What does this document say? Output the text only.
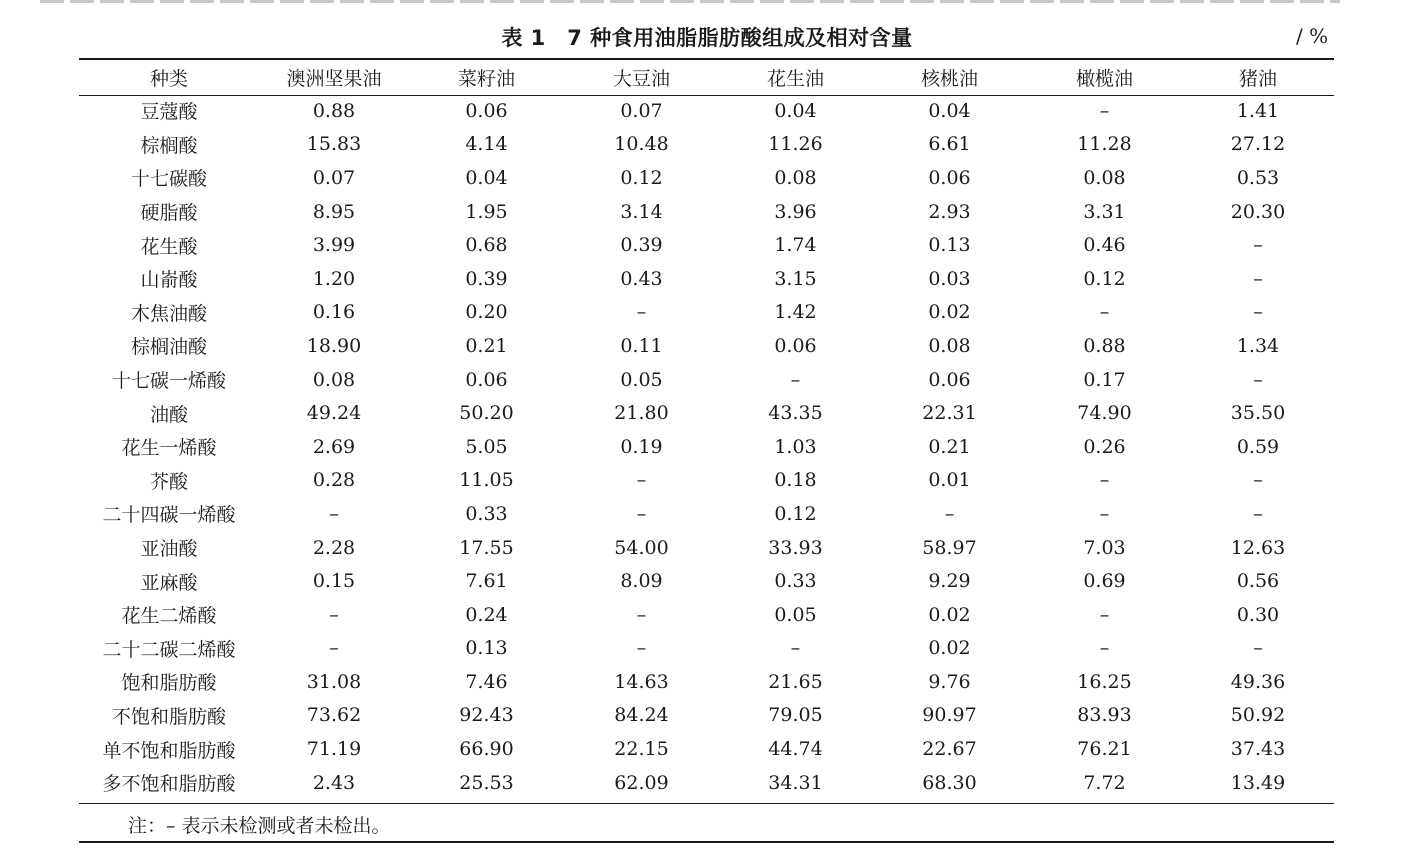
表 1　7 种食用油脂脂肪酸组成及相对含量	/ %
种类	澳洲坚果油	菜籽油	大豆油	花生油	核桃油	橄榄油	猪油
豆蔻酸	0.88	0.06	0.07	0.04	0.04	–	1.41
棕榈酸	15.83	4.14	10.48	11.26	6.61	11.28	27.12
十七碳酸	0.07	0.04	0.12	0.08	0.06	0.08	0.53
硬脂酸	8.95	1.95	3.14	3.96	2.93	3.31	20.30
花生酸	3.99	0.68	0.39	1.74	0.13	0.46	–
山嵛酸	1.20	0.39	0.43	3.15	0.03	0.12	–
木焦油酸	0.16	0.20	–	1.42	0.02	–	–
棕榈油酸	18.90	0.21	0.11	0.06	0.08	0.88	1.34
十七碳一烯酸	0.08	0.06	0.05	–	0.06	0.17	–
油酸	49.24	50.20	21.80	43.35	22.31	74.90	35.50
花生一烯酸	2.69	5.05	0.19	1.03	0.21	0.26	0.59
芥酸	0.28	11.05	–	0.18	0.01	–	–
二十四碳一烯酸	–	0.33	–	0.12	–	–	–
亚油酸	2.28	17.55	54.00	33.93	58.97	7.03	12.63
亚麻酸	0.15	7.61	8.09	0.33	9.29	0.69	0.56
花生二烯酸	–	0.24	–	0.05	0.02	–	0.30
二十二碳二烯酸	–	0.13	–	–	0.02	–	–
饱和脂肪酸	31.08	7.46	14.63	21.65	9.76	16.25	49.36
不饱和脂肪酸	73.62	92.43	84.24	79.05	90.97	83.93	50.92
单不饱和脂肪酸	71.19	66.90	22.15	44.74	22.67	76.21	37.43
多不饱和脂肪酸	2.43	25.53	62.09	34.31	68.30	7.72	13.49
注：– 表示未检测或者未检出。
